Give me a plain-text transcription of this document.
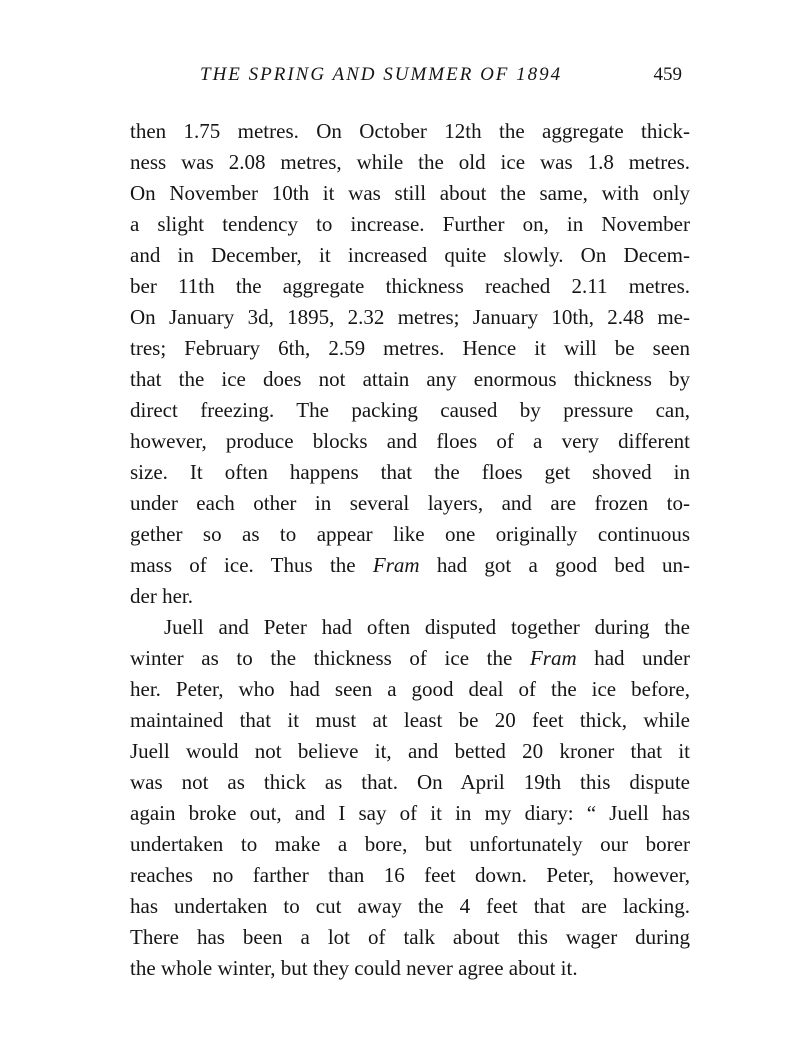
THE SPRING AND SUMMER OF 1894	459
then 1.75 metres. On October 12th the aggregate thick-
ness was 2.08 metres, while the old ice was 1.8 metres.
On November 10th it was still about the same, with only
a slight tendency to increase. Further on, in November
and in December, it increased quite slowly. On Decem-
ber 11th the aggregate thickness reached 2.11 metres.
On January 3d, 1895, 2.32 metres; January 10th, 2.48 me-
tres; February 6th, 2.59 metres. Hence it will be seen
that the ice does not attain any enormous thickness by
direct freezing. The packing caused by pressure can,
however, produce blocks and floes of a very different
size. It often happens that the floes get shoved in
under each other in several layers, and are frozen to-
gether so as to appear like one originally continuous
mass of ice. Thus the Fram had got a good bed un-
der her.
Juell and Peter had often disputed together during the
winter as to the thickness of ice the Fram had under
her. Peter, who had seen a good deal of the ice before,
maintained that it must at least be 20 feet thick, while
Juell would not believe it, and betted 20 kroner that it
was not as thick as that. On April 19th this dispute
again broke out, and I say of it in my diary: “ Juell has
undertaken to make a bore, but unfortunately our borer
reaches no farther than 16 feet down. Peter, however,
has undertaken to cut away the 4 feet that are lacking.
There has been a lot of talk about this wager during
the whole winter, but they could never agree about it.
